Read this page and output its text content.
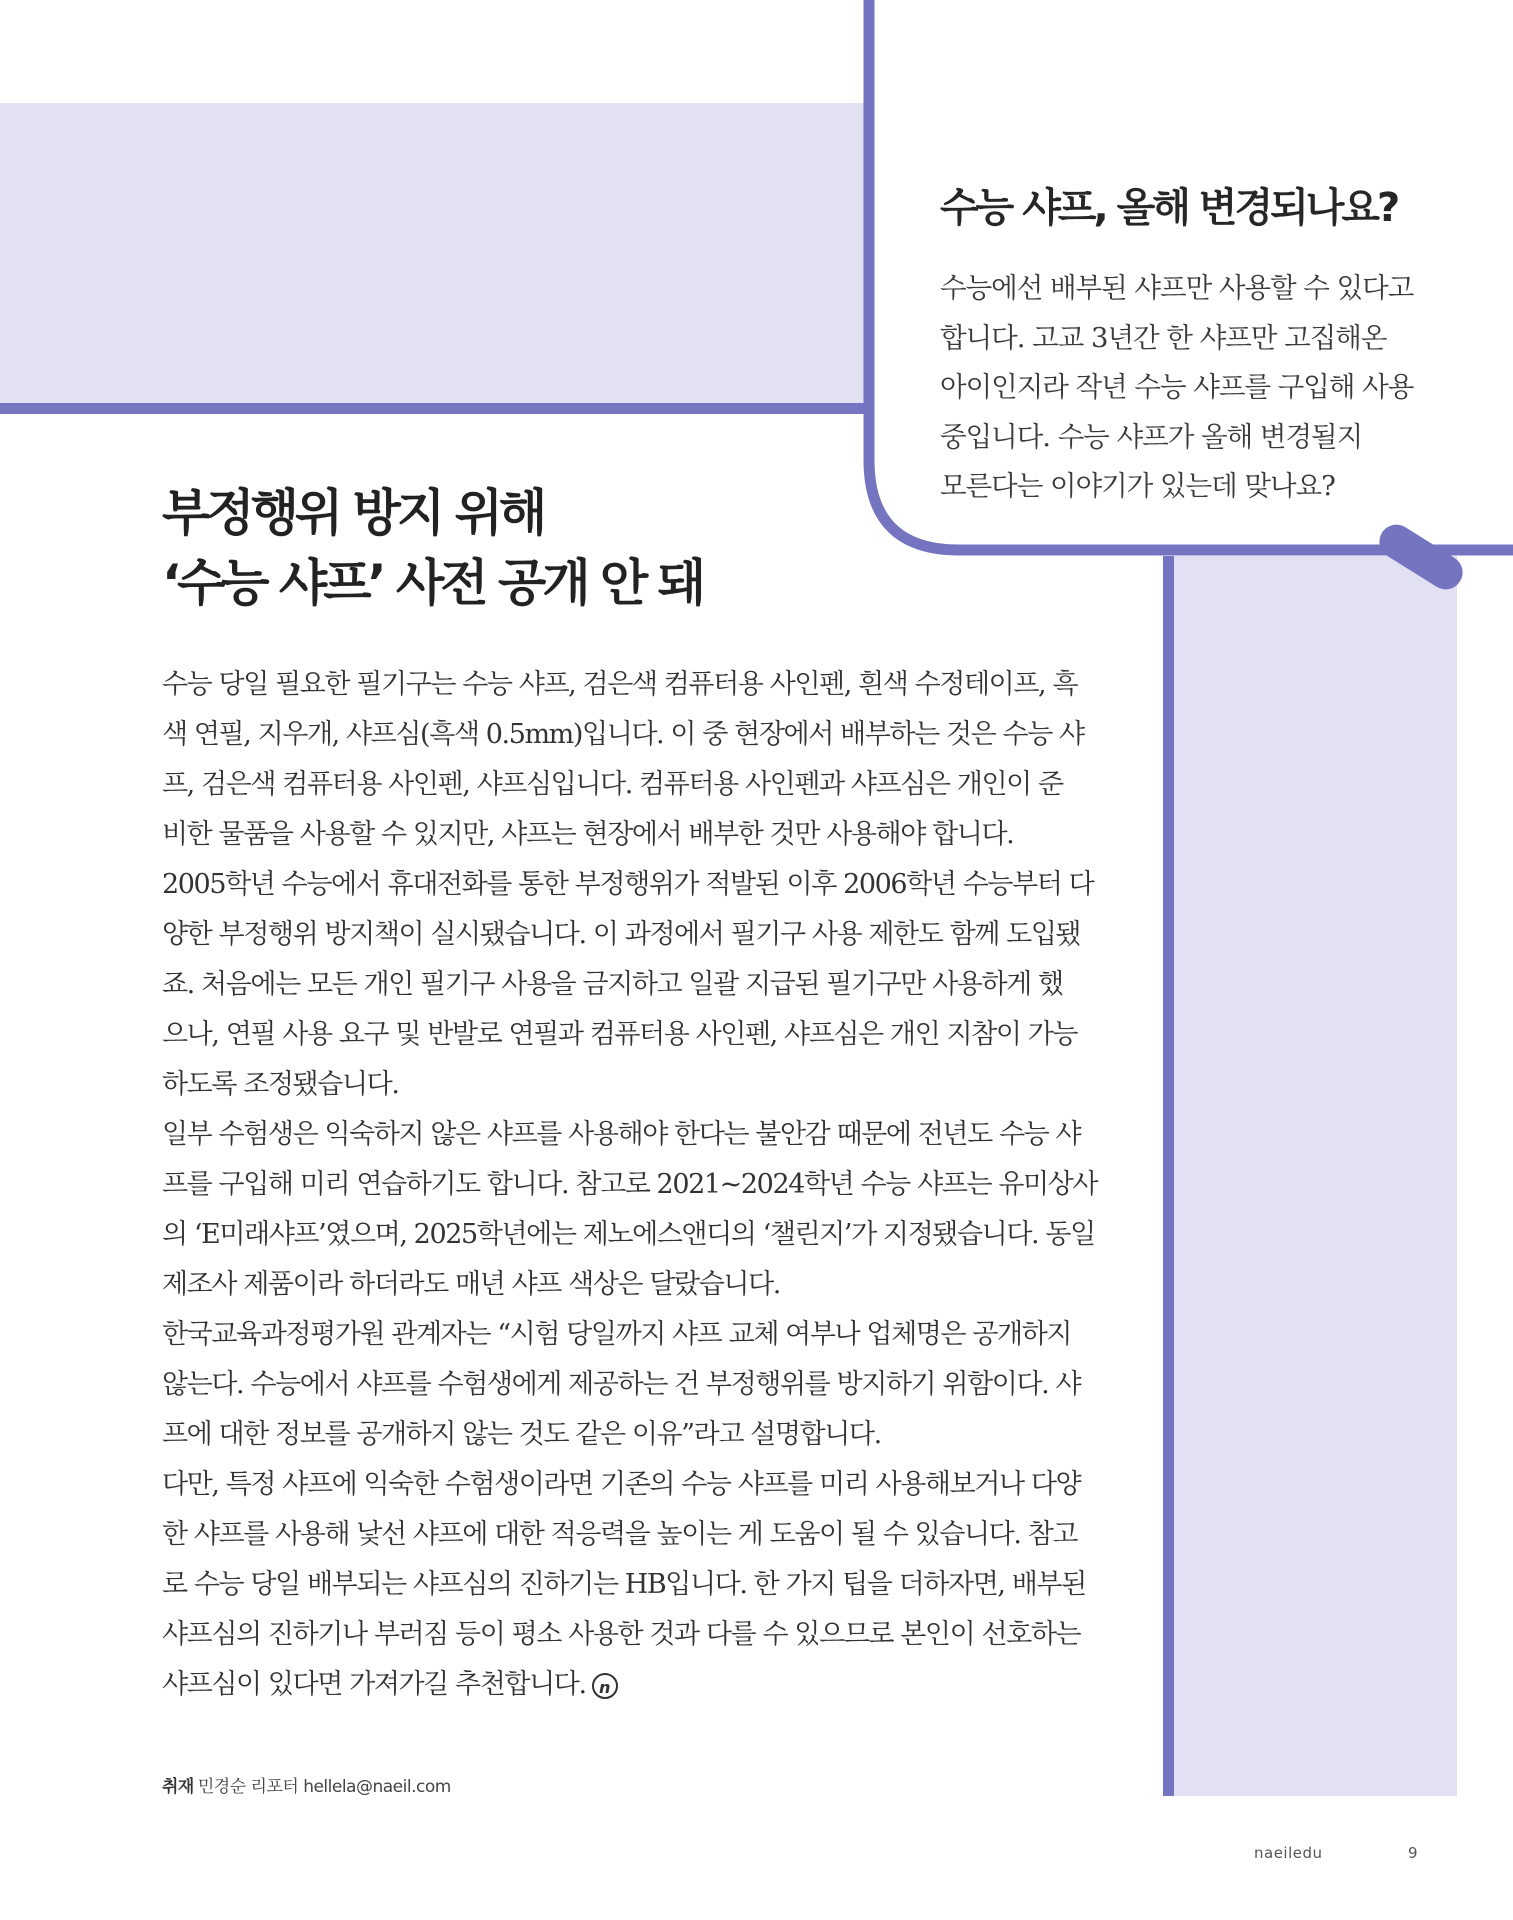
수능 샤프, 올해 변경되나요?

수능에선 배부된 샤프만 사용할 수 있다고
합니다. 고교 3년간 한 샤프만 고집해온
아이인지라 작년 수능 샤프를 구입해 사용
중입니다. 수능 샤프가 올해 변경될지
모른다는 이야기가 있는데 맞나요?

부정행위 방지 위해
‘수능 샤프’ 사전 공개 안 돼
수능 당일 필요한 필기구는 수능 샤프, 검은색 컴퓨터용 사인펜, 흰색 수정테이프, 흑
색 연필, 지우개, 샤프심(흑색 0.5mm)입니다. 이 중 현장에서 배부하는 것은 수능 샤
프, 검은색 컴퓨터용 사인펜, 샤프심입니다. 컴퓨터용 사인펜과 샤프심은 개인이 준
비한 물품을 사용할 수 있지만, 샤프는 현장에서 배부한 것만 사용해야 합니다.
2005학년 수능에서 휴대전화를 통한 부정행위가 적발된 이후 2006학년 수능부터 다
양한 부정행위 방지책이 실시됐습니다. 이 과정에서 필기구 사용 제한도 함께 도입됐
죠. 처음에는 모든 개인 필기구 사용을 금지하고 일괄 지급된 필기구만 사용하게 했
으나, 연필 사용 요구 및 반발로 연필과 컴퓨터용 사인펜, 샤프심은 개인 지참이 가능
하도록 조정됐습니다.
일부 수험생은 익숙하지 않은 샤프를 사용해야 한다는 불안감 때문에 전년도 수능 샤
프를 구입해 미리 연습하기도 합니다. 참고로 2021~2024학년 수능 샤프는 유미상사
의 ‘E미래샤프’였으며, 2025학년에는 제노에스앤디의 ‘챌린지’가 지정됐습니다. 동일
제조사 제품이라 하더라도 매년 샤프 색상은 달랐습니다.
한국교육과정평가원 관계자는 “시험 당일까지 샤프 교체 여부나 업체명은 공개하지
않는다. 수능에서 샤프를 수험생에게 제공하는 건 부정행위를 방지하기 위함이다. 샤
프에 대한 정보를 공개하지 않는 것도 같은 이유”라고 설명합니다.
다만, 특정 샤프에 익숙한 수험생이라면 기존의 수능 샤프를 미리 사용해보거나 다양
한 샤프를 사용해 낯선 샤프에 대한 적응력을 높이는 게 도움이 될 수 있습니다. 참고
로 수능 당일 배부되는 샤프심의 진하기는 HB입니다. 한 가지 팁을 더하자면, 배부된
샤프심의 진하기나 부러짐 등이 평소 사용한 것과 다를 수 있으므로 본인이 선호하는
샤프심이 있다면 가져가길 추천합니다. n
취재 민경순 리포터 hellela@naeil.com
naeiledu	9
